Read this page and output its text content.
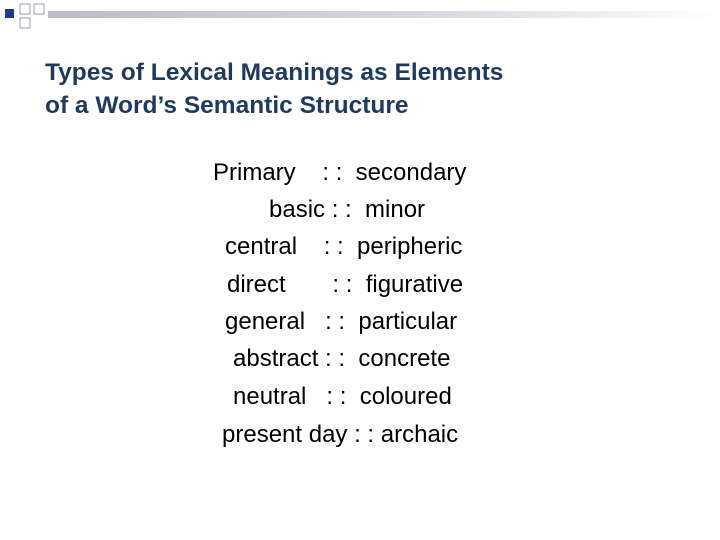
Types of Lexical Meanings as Elements
of a Word’s Semantic Structure
Primary    : :  secondary
basic : :  minor
central    : :  peripheric
direct       : :  figurative
general   : :  particular
abstract : :  concrete
neutral   : :  coloured
present day : : archaic
